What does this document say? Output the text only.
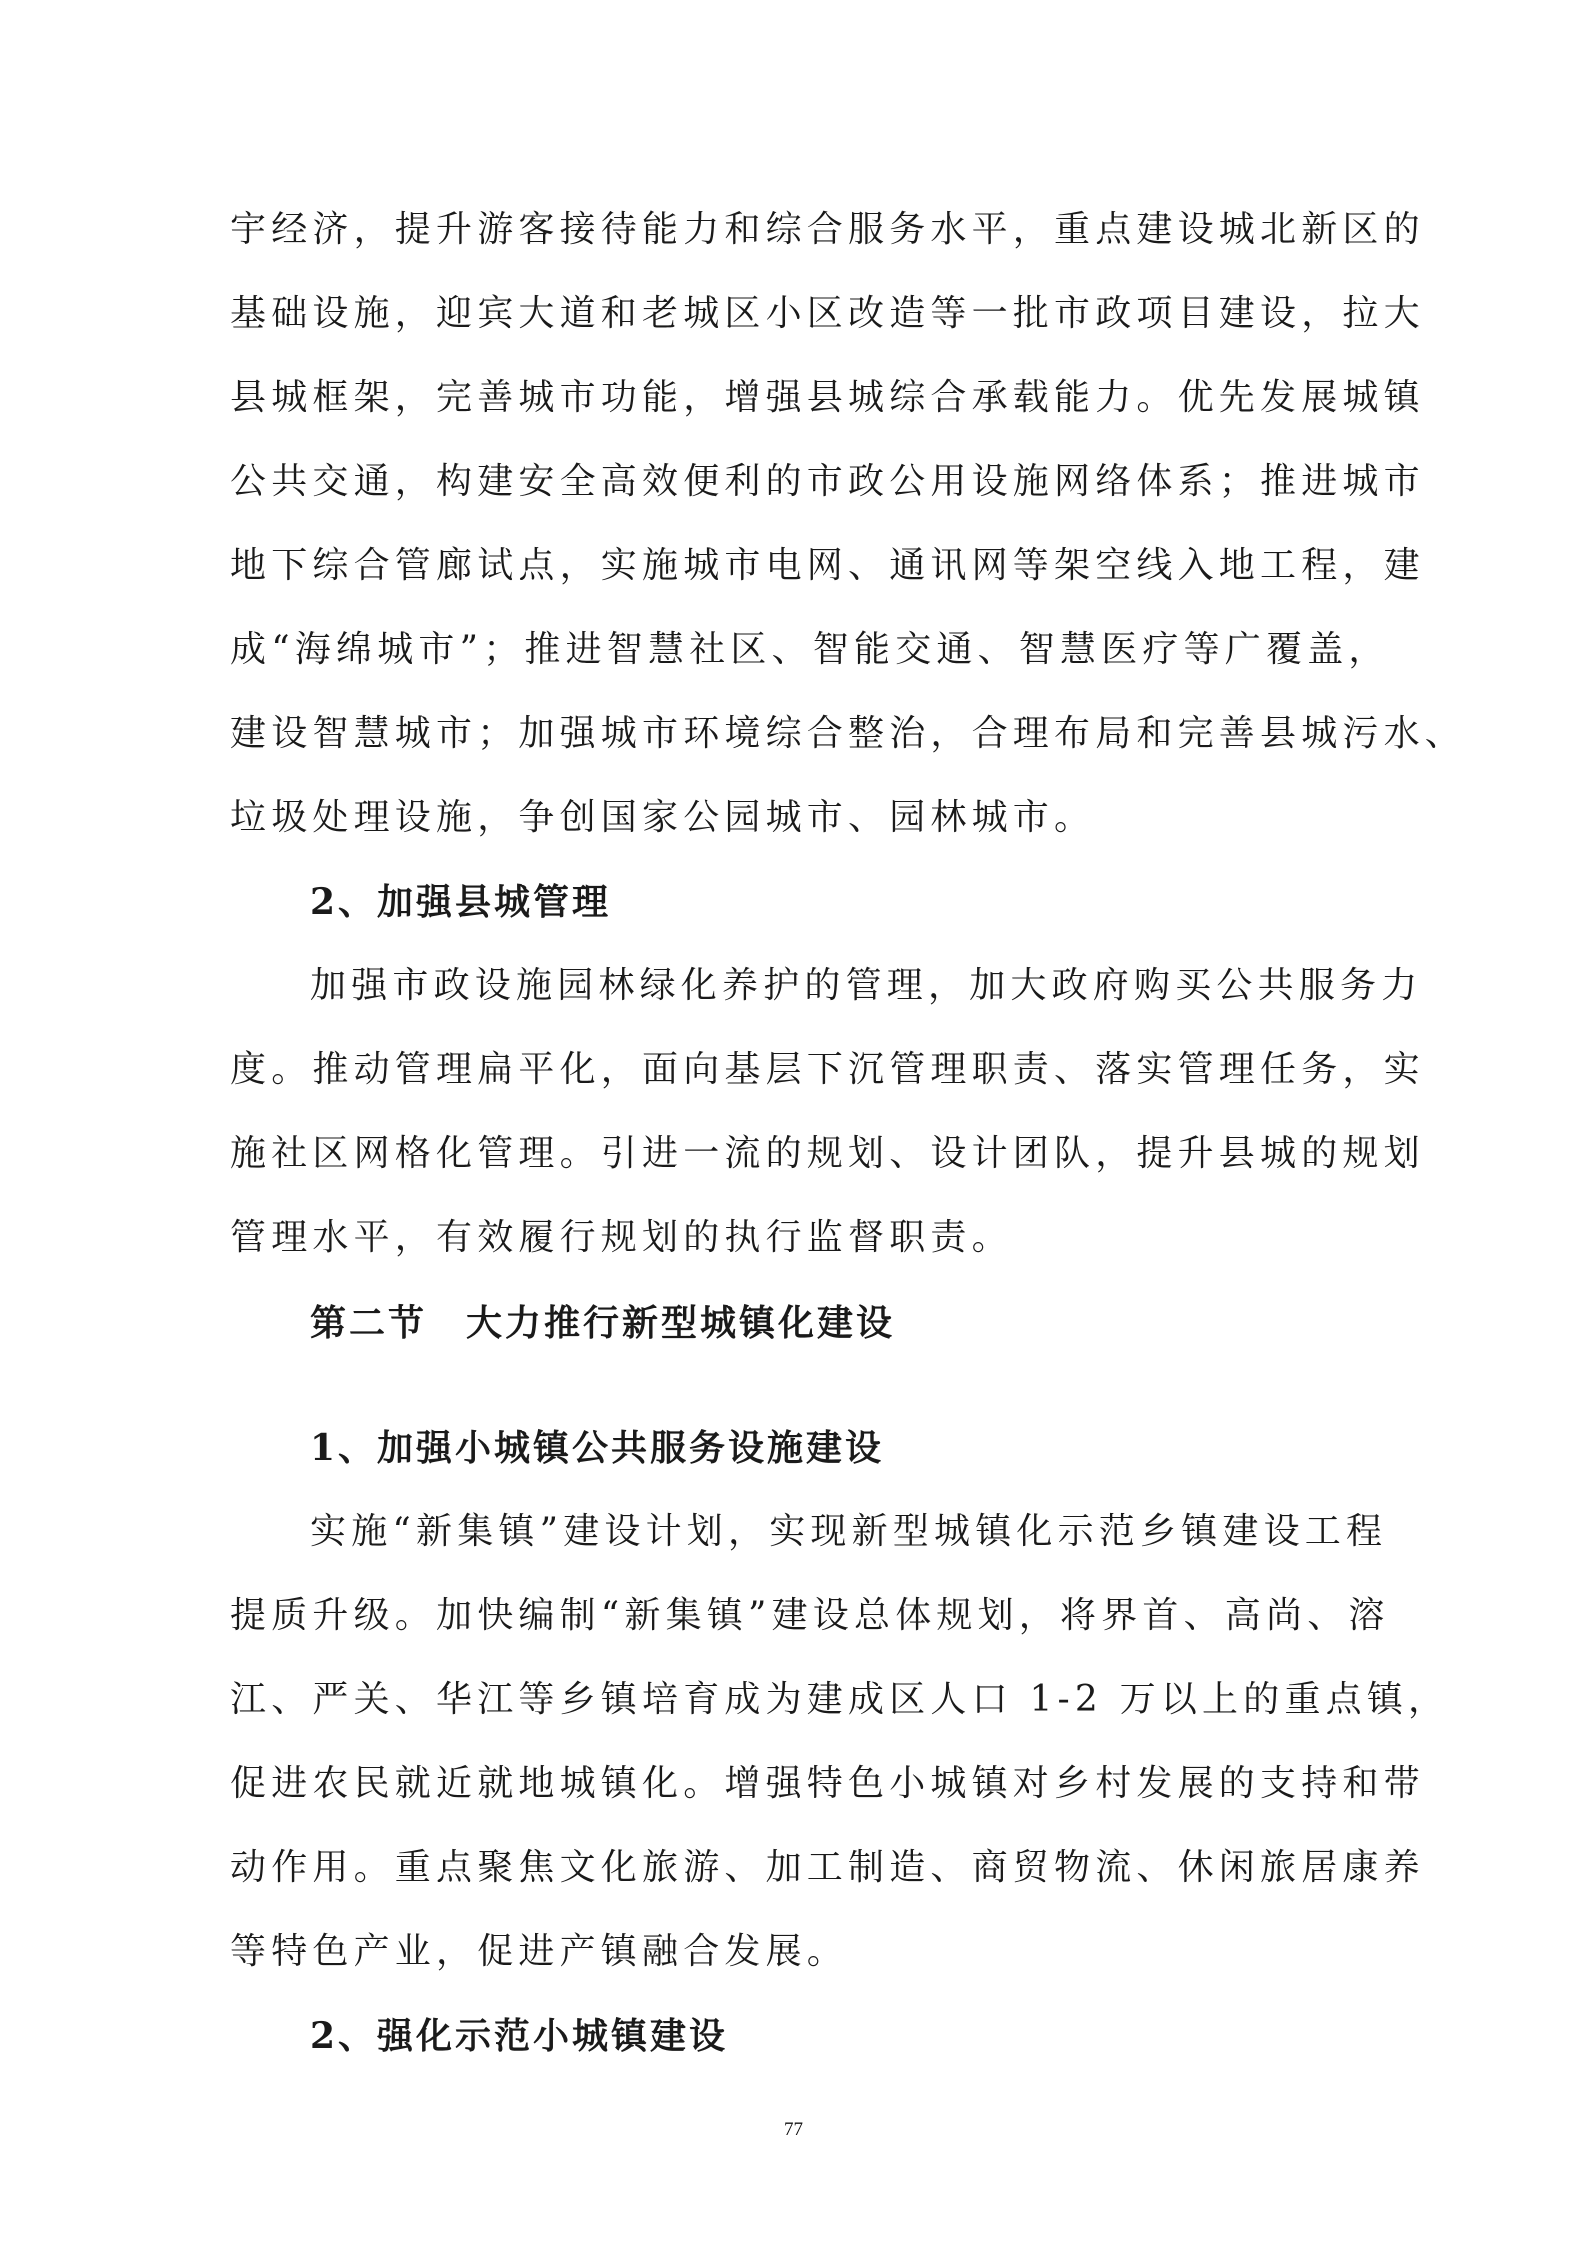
宇经济，提升游客接待能力和综合服务水平，重点建设城北新区的
基础设施，迎宾大道和老城区小区改造等一批市政项目建设，拉大
县城框架，完善城市功能，增强县城综合承载能力。优先发展城镇
公共交通，构建安全高效便利的市政公用设施网络体系；推进城市
地下综合管廊试点，实施城市电网、通讯网等架空线入地工程，建
成“海绵城市”；推进智慧社区、智能交通、智慧医疗等广覆盖，
建设智慧城市；加强城市环境综合整治，合理布局和完善县城污水、
垃圾处理设施，争创国家公园城市、园林城市。
2、加强县城管理
加强市政设施园林绿化养护的管理，加大政府购买公共服务力
度。推动管理扁平化，面向基层下沉管理职责、落实管理任务，实
施社区网格化管理。引进一流的规划、设计团队，提升县城的规划
管理水平，有效履行规划的执行监督职责。
第二节　大力推行新型城镇化建设
1、加强小城镇公共服务设施建设
实施“新集镇”建设计划，实现新型城镇化示范乡镇建设工程
提质升级。加快编制“新集镇”建设总体规划，将界首、高尚、溶
江、严关、华江等乡镇培育成为建成区人口 1-2 万以上的重点镇，
促进农民就近就地城镇化。增强特色小城镇对乡村发展的支持和带
动作用。重点聚焦文化旅游、加工制造、商贸物流、休闲旅居康养
等特色产业，促进产镇融合发展。
2、强化示范小城镇建设
77
